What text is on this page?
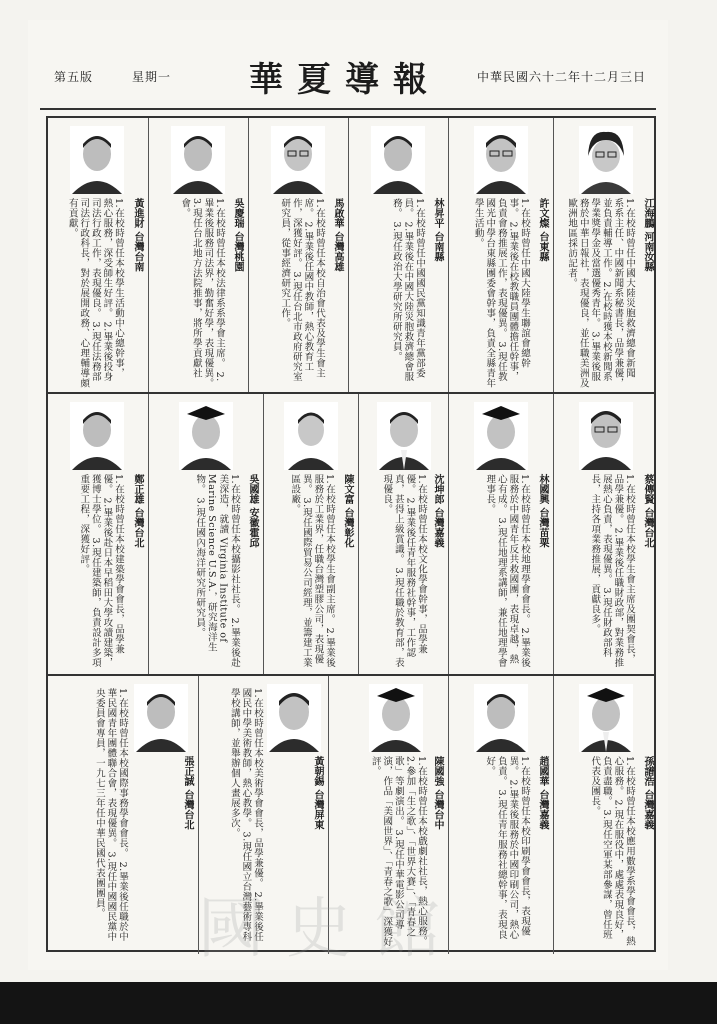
第五版　　　星期一	華夏導報	中華民國六十二年十二月三日
黃進財 台灣台南
1.在校時曾任本校學生活動中心總幹事，熱心服務，深受師生好評。 2.畢業後投身司法行政工作，表現優良。 3.現任法務部司法行政科長，對於展開政務、心理輔導頗有貢獻。	吳慶瑞 台灣桃園
1.在校時曾任本校法律系系學會主席。 2.畢業後服務司法界，勤奮好學，表現優異。 3.現任台北地方法院推事，將所學貢獻社會。	馬啟華 台灣高雄
1.在校時曾任本校自治會代表及學生會主席。 2.畢業後任國中教師，熱心教育工作，深獲好評。 3.現任台北市政府研究室研究員，從事經濟研究工作。	林昇平 台南縣
1.在校時曾任中國國民黨知識青年黨部委員。 2.畢業後在中國大陸災胞救濟總會服務。 3.現任政治大學研究所研究員。	許文燦 台東縣
1.在校時曾任中國大陸學生聯誼會總幹事。 2.畢業後在校教職員團體擔任幹事，負責會務推展工作，表現優異。 3.現任教國光中學台東縣團委會幹事，負責全縣青年學生活動。	江海鵬 河南汝縣
1.在校時曾任中國大陸災胞救濟總會新聞系系主任、中國新聞系秘書長，品學兼優，並負責輔導工作。 2.在校時獲本校新聞系學業獎學金及當選優秀青年。 3.畢業後服務於中華日報社，表現優良，並任職美洲及歐洲地區採訪記者。
鄭正雄 台灣台北
1.在校時曾任本校建築學會會長，品學兼優。 2.畢業後赴日本早稻田大學攻讀建築，獲博士學位。 3.現任建築師，負責設計多項重要工程，深獲好評。	吳國雄 安徽霍邱
1.在校時曾任本校攝影社社長。 2.畢業後赴美深造，就讀 Virginia Institute of Marine Science U.S.A.，研究海洋生物。 3.現任國內海洋研究所研究員。	陳文富 台灣彰化
1.在校時曾任本校學生會副主席。 2.畢業後服務於工業界，任職台灣塑膠公司，表現優異。 3.現任國際貿易公司經理，並籌建工業區設廠。	沈坤郎 台灣嘉義
1.在校時曾任本校文化學會幹事，品學兼優。 2.畢業後任青年服務社幹事，工作認真，甚得上級賞識。 3.現任職於教育部，表現優良。	林國興 台灣苗栗
1.在校時曾任本校地理學會會長。 2.畢業後服務於中國青年反共救國團，表現卓越，熱心有成。 3.現任地理系講師，兼任地理學會理事長。	蔡傳賢 台灣台北
1.在校時曾任本校學生會主席及團契會長，品學兼優。 2.畢業後任職財政部，對業務推展熱心負責，表現優異。 3.現任財政部科長，主持各項業務推展，貢獻良多。
張正誠 台灣台北
1.在校時曾任本校國際事務學會會長。 2.畢業後任職於中華民國青年團體聯合會，表現優異。 3.現任中國國民黨中央委員會專員，一九七三年任中華民國代表團團員。	黃朝錫 台灣屏東
1.在校時曾任本校美術學會會長，品學兼優。 2.畢業後任國民中學美術教師，熱心教學。 3.現任國立台灣藝術專科學校講師，並舉辦個人畫展多次。	陳國強 台灣台中
1.在校時曾任本校戲劇社社長，熱心服務。 2.參加「生之歌」、「世界大賽」、「青春之歌」等劇演出。 3.現任中華電影公司導演，作品「美國世界」、「青春之歌」深獲好評。	趙國華 台灣嘉義
1.在校時曾任本校印刷學會會長，表現優異。 2.畢業後服務於中國印刷公司，熱心負責。 3.現任青年服務社總幹事，表現良好。	孫譜浩 台灣嘉義
1.在校時曾任本校應用數學系學會會長，熱心服務。 2.現在服役中，處處表現良好，負責盡職。 3.現任空軍某部參謀，曾任班代表及團長。
國史館
